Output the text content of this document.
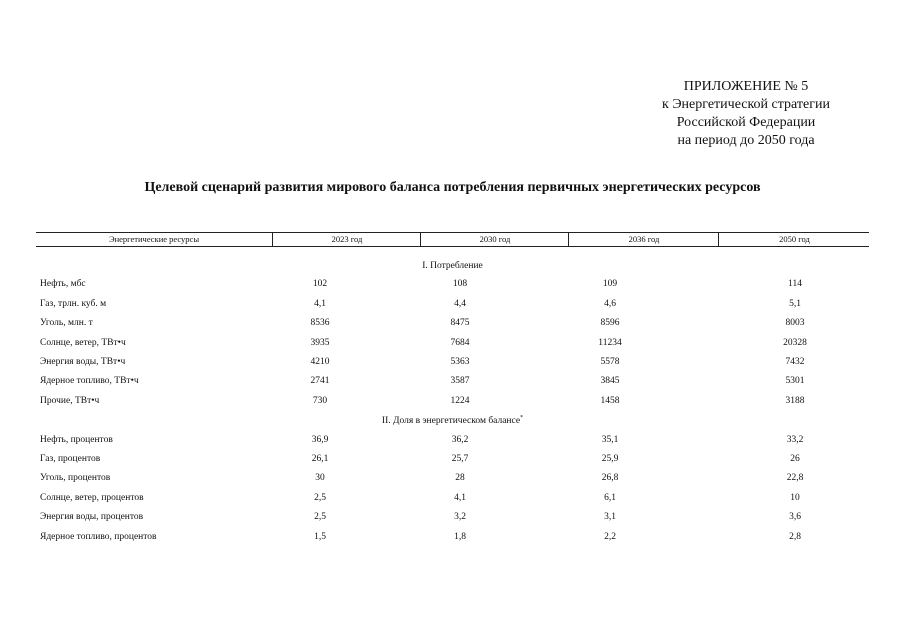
ПРИЛОЖЕНИЕ № 5
к Энергетической стратегии
Российской Федерации
на период до 2050 года
Целевой сценарий развития мирового баланса потребления первичных энергетических ресурсов
Энергетические ресурсы	2023 год	2030 год	2036 год	2050 год
I. Потребление
Нефть, мбс	102	108	109	114
Газ, трлн. куб. м	4,1	4,4	4,6	5,1
Уголь, млн. т	8536	8475	8596	8003
Солнце, ветер, ТВт•ч	3935	7684	11234	20328
Энергия воды, ТВт•ч	4210	5363	5578	7432
Ядерное топливо, ТВт•ч	2741	3587	3845	5301
Прочие, ТВт•ч	730	1224	1458	3188
II. Доля в энергетическом балансе*
Нефть, процентов	36,9	36,2	35,1	33,2
Газ, процентов	26,1	25,7	25,9	26
Уголь, процентов	30	28	26,8	22,8
Солнце, ветер, процентов	2,5	4,1	6,1	10
Энергия воды, процентов	2,5	3,2	3,1	3,6
Ядерное топливо, процентов	1,5	1,8	2,2	2,8
